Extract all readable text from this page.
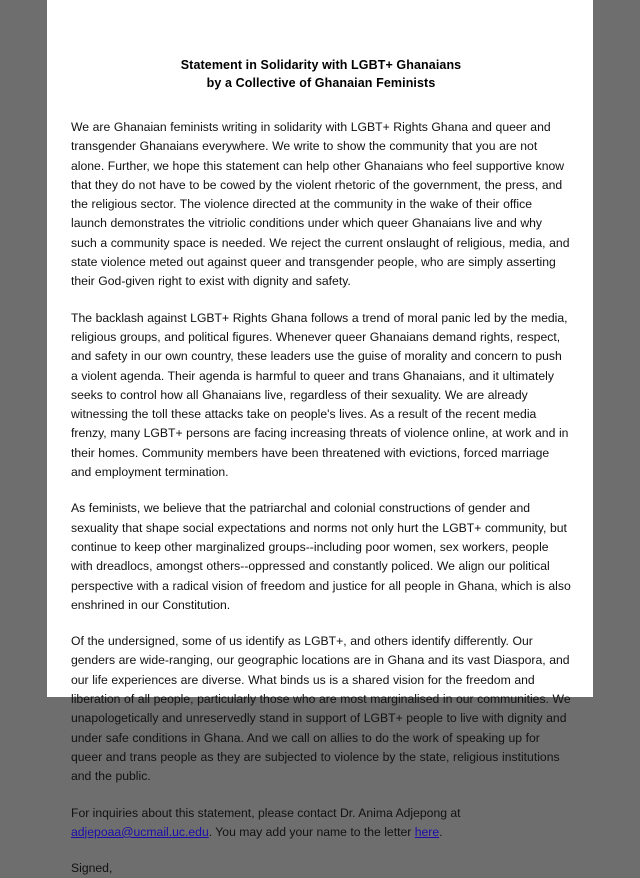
Statement in Solidarity with LGBT+ Ghanaians
by a Collective of Ghanaian Feminists

We are Ghanaian feminists writing in solidarity with LGBT+ Rights Ghana and queer and transgender Ghanaians everywhere. We write to show the community that you are not alone. Further, we hope this statement can help other Ghanaians who feel supportive know that they do not have to be cowed by the violent rhetoric of the government, the press, and the religious sector. The violence directed at the community in the wake of their office launch demonstrates the vitriolic conditions under which queer Ghanaians live and why such a community space is needed. We reject the current onslaught of religious, media, and state violence meted out against queer and transgender people, who are simply asserting their God-given right to exist with dignity and safety.

The backlash against LGBT+ Rights Ghana follows a trend of moral panic led by the media, religious groups, and political figures. Whenever queer Ghanaians demand rights, respect, and safety in our own country, these leaders use the guise of morality and concern to push a violent agenda. Their agenda is harmful to queer and trans Ghanaians, and it ultimately seeks to control how all Ghanaians live, regardless of their sexuality. We are already witnessing the toll these attacks take on people's lives. As a result of the recent media frenzy, many LGBT+ persons are facing increasing threats of violence online, at work and in their homes. Community members have been threatened with evictions, forced marriage and employment termination.

As feminists, we believe that the patriarchal and colonial constructions of gender and sexuality that shape social expectations and norms not only hurt the LGBT+ community, but continue to keep other marginalized groups--including poor women, sex workers, people with dreadlocs, amongst others--oppressed and constantly policed. We align our political perspective with a radical vision of freedom and justice for all people in Ghana, which is also enshrined in our Constitution.

Of the undersigned, some of us identify as LGBT+, and others identify differently. Our genders are wide-ranging, our geographic locations are in Ghana and its vast Diaspora, and our life experiences are diverse. What binds us is a shared vision for the freedom and liberation of all people, particularly those who are most marginalised in our communities. We unapologetically and unreservedly stand in support of LGBT+ people to live with dignity and under safe conditions in Ghana. And we call on allies to do the work of speaking up for queer and trans people as they are subjected to violence by the state, religious institutions and the public.

For inquiries about this statement, please contact Dr. Anima Adjepong at adjepoaa@ucmail.uc.edu. You may add your name to the letter here.

Signed,
